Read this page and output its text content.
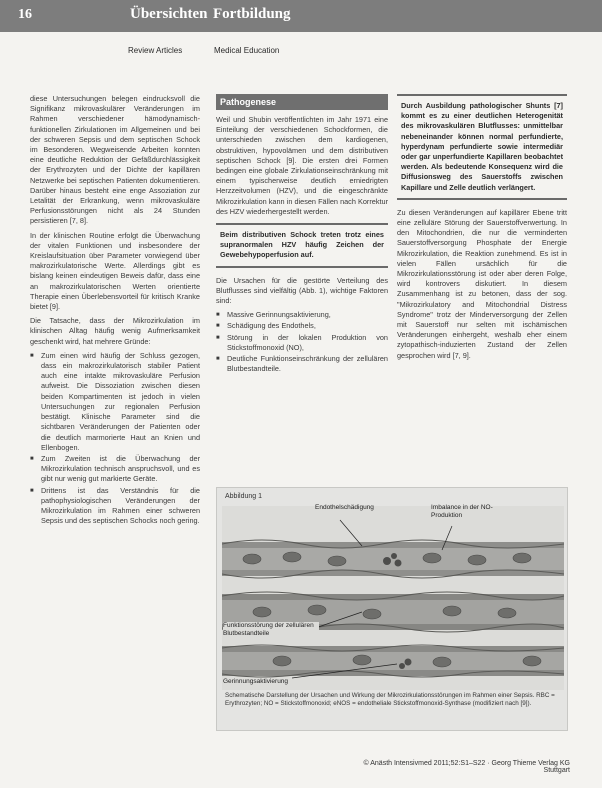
16	Übersichten Fortbildung
Review Articles	Medical Education

diese Untersuchungen belegen eindrucksvoll die Signifikanz mikrovaskulärer Veränderungen im Rahmen verschiedener hämodynamisch-funktionellen Zirkulationen im Allgemeinen und bei der schweren Sepsis und dem septischen Schock im Besonderen. Wegweisende Arbeiten konnten eine deutliche Reduktion der Gefäßdurchlässigkeit der Erythrozyten und der Dichte der kapillären Netzwerke bei septischen Patienten dokumentieren. Darüber hinaus besteht eine enge Assoziation zur Letalität der Erkrankung, wenn mikrovaskuläre Perfusionsstörungen nicht als 24 Stunden persistieren [7, 8].

In der klinischen Routine erfolgt die Überwachung der vitalen Funktionen und insbesondere der Kreislaufsituation über Parameter vorwiegend über makrozirkulatorische Werte. Allerdings gibt es bislang keinen eindeutigen Beweis dafür, dass eine an makrozirkulatorischen Werten orientierte Therapie einen Überlebensvorteil für kritisch Kranke bietet [9].

Die Tatsache, dass der Mikrozirkulation im klinischen Alltag häufig wenig Aufmerksamkeit geschenkt wird, hat mehrere Gründe:

■ Zum einen wird häufig der Schluss gezogen, dass ein makrozirkulatorisch stabiler Patient auch eine intakte mikrovaskuläre Perfusion aufweist. Die Dissoziation zwischen diesen beiden Kompartimenten ist jedoch in vielen Untersuchungen zur regionalen Perfusion bestätigt. Klinische Parameter sind die sichtbaren Veränderungen der Patienten oder die deutlich marmorierte Haut an Knien und Ellenbogen.
■ Zum Zweiten ist die Überwachung der Mikrozirkulation technisch anspruchsvoll, und es gibt nur wenig gut markierte Geräte.
■ Drittens ist das Verständnis für die pathophysiologischen Veränderungen der Mikrozirkulation im Rahmen einer schweren Sepsis und des septischen Schocks noch gering.
Pathogenese

Weil und Shubin veröffentlichten im Jahr 1971 eine Einteilung der verschiedenen Schockformen, die unterschieden zwischen dem kardiogenen, obstruktiven, hypovolämen und dem distributiven septischen Schock [9]. Die ersten drei Formen bedingen eine globale Zirkulationseinschränkung mit einem typischerweise deutlich erniedrigten Herzzeitvolumen (HZV), und die eingeschränkte Mikrozirkulation kann in diesen Fällen nach Korrektur des HZV wiederhergestellt werden.

Beim distributiven Schock treten trotz eines supranormalen HZV häufig Zeichen der Gewebehypoperfusion auf.

Die Ursachen für die gestörte Verteilung des Blutflusses sind vielfältig (Abb. 1), wichtige Faktoren sind:

■ Massive Gerinnungsaktivierung,
■ Schädigung des Endothels,
■ Störung in der lokalen Produktion von Stickstoffmonoxid (NO),
■ Deutliche Funktionseinschränkung der zellulären Blutbestandteile.
Durch Ausbildung pathologischer Shunts [7] kommt es zu einer deutlichen Heterogenität des mikrovaskulären Blutflusses: unmittelbar nebeneinander können normal perfundierte, hyperdynam perfundierte sowie intermediär oder gar unperfundierte Kapillaren beobachtet werden. Als bedeutende Konsequenz wird die Diffusionsweg des Sauerstoffs zwischen Kapillare und Zelle deutlich verlängert.

Zu diesen Veränderungen auf kapillärer Ebene tritt eine zelluläre Störung der Sauerstoffverwertung. In den Mitochondrien, die nur die verminderten Sauerstoffversorgung Phosphate der Energie Mikrozirkulation, die Reaktion zunehmend. Es ist in vielen Fällen ursächlich für die Mikrozirkulationsstörung ist oder aber deren Folge, wird kontrovers diskutiert. In diesem Zusammenhang ist zu betonen, dass der sog. "Mikrozirkulatory and Mitochondrial Distress Syndrome" trotz der Minderversorgung der Zellen mit Sauerstoff nur selten mit ischämischen Veränderungen einhergeht, weshalb eher einem zytopathisch-induzierten Zustand der Zellen gesprochen wird [7, 9].

Abbildung 1
Endothelschädigung	Imbalance in der NO-Produktion
Funktionsstörung der zellulären Blutbestandteile
Gerinnungsaktivierung
Schematische Darstellung der Ursachen und Wirkung der Mikrozirkulationsstörungen im Rahmen einer Sepsis. RBC = Erythrozyten; NO = Stickstoffmonoxid; eNOS = endotheliale Stickstoffmonoxid-Synthase (modifiziert nach [9]).
© Anästh Intensivmed 2011;52:S1–S22 · Georg Thieme Verlag KG Stuttgart
